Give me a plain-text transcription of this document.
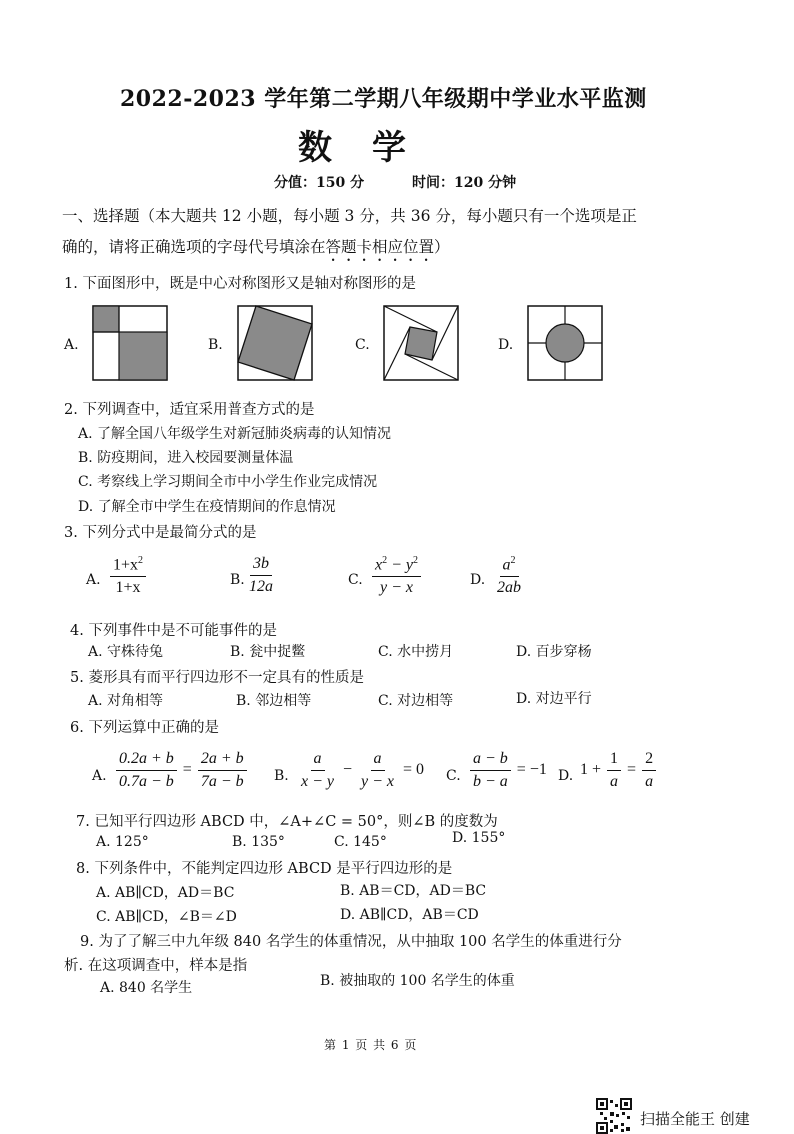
2022-2023 学年第二学期八年级期中学业水平监测
数学
分值：150 分	时间：120 分钟
一、选择题（本大题共 12 小题，每小题 3 分，共 36 分，每小题只有一个选项是正
确的，请将正确选项的字母代号填涂在答题卡相应位置）
1. 下面图形中，既是中心对称图形又是轴对称图形的是
A.	B.	C.	D.
2. 下列调查中，适宜采用普查方式的是
A. 了解全国八年级学生对新冠肺炎病毒的认知情况
B. 防疫期间，进入校园要测量体温
C. 考察线上学习期间全市中小学生作业完成情况
D. 了解全市中学生在疫情期间的作息情况
3. 下列分式中是最简分式的是
A. $\frac{1+x^2}{1+x}$	B. $\frac{3b}{12a}$	C. $\frac{x^2 - y^2}{y - x}$	D. $\frac{a^2}{2ab}$
4. 下列事件中是不可能事件的是
A. 守株待兔	B. 瓮中捉鳖	C. 水中捞月	D. 百步穿杨
5. 菱形具有而平行四边形不一定具有的性质是
A. 对角相等	B. 邻边相等	C. 对边相等	D. 对边平行
6. 下列运算中正确的是
A. $\frac{0.2a + b}{0.7a - b} = \frac{2a + b}{7a - b} B$. $\frac{a}{x - y} - \frac{a}{y - x} = 0$ C. $\frac{a - b}{b - a} = -1$ D. $1 + \frac{1}{a} = \frac{2}{a}$
7. 已知平行四边形 ABCD 中，∠A+∠C = 50°，则∠B 的度数为
A. 125°	B. 135°	C. 145°	D. 155°
8. 下列条件中，不能判定四边形 ABCD 是平行四边形的是
A. AB∥CD，AD＝BC	B. AB＝CD，AD＝BC
C. AB∥CD，∠B＝∠D	D. AB∥CD，AB＝CD
9. 为了了解三中九年级 840 名学生的体重情况，从中抽取 100 名学生的体重进行分
析. 在这项调查中，样本是指
A. 840 名学生	B. 被抽取的 100 名学生的体重
第 1 页 共 6 页
扫描全能王 创建
